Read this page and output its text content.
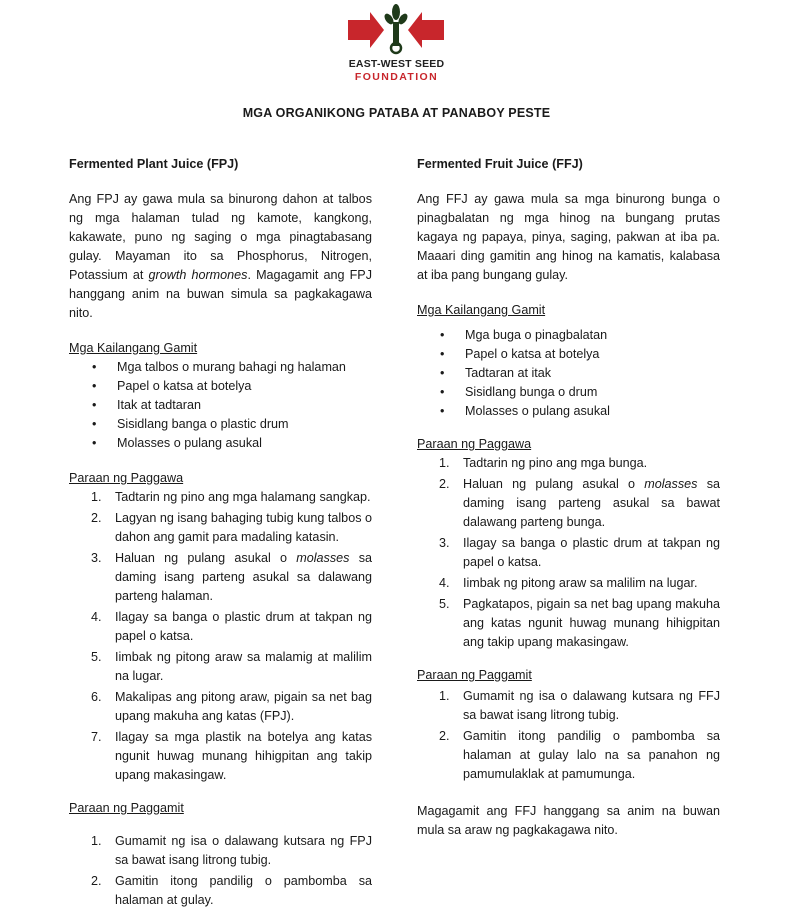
EAST-WEST SEED
FOUNDATION
MGA ORGANIKONG PATABA AT PANABOY PESTE
Fermented Plant Juice (FPJ)

Ang FPJ ay gawa mula sa binurong dahon at talbos ng mga halaman tulad ng kamote, kangkong, kakawate, puno ng saging o mga pinagtabasang gulay. Mayaman ito sa Phosphorus, Nitrogen, Potassium at growth hormones. Magagamit ang FPJ hanggang anim na buwan simula sa pagkakagawa nito.

Mga Kailangang Gamit

• Mga talbos o murang bahagi ng halaman
• Papel o katsa at botelya
• Itak at tadtaran
• Sisidlang banga o plastic drum
• Molasses o pulang asukal

Paraan ng Paggawa

1. Tadtarin ng pino ang mga halamang sangkap.
2. Lagyan ng isang bahaging tubig kung talbos o dahon ang gamit para madaling katasin.
3. Haluan ng pulang asukal o molasses sa daming isang parteng asukal sa dalawang parteng halaman.
4. Ilagay sa banga o plastic drum at takpan ng papel o katsa.
5. Iimbak ng pitong araw sa malamig at malilim na lugar.
6. Makalipas ang pitong araw, pigain sa net bag upang makuha ang katas (FPJ).
7. Ilagay sa mga plastik na botelya ang katas ngunit huwag munang hihigpitan ang takip upang makasingaw.

Paraan ng Paggamit

1. Gumamit ng isa o dalawang kutsara ng FPJ sa bawat isang litrong tubig.
2. Gamitin itong pandilig o pambomba sa halaman at gulay.
Fermented Fruit Juice (FFJ)

Ang FFJ ay gawa mula sa mga binurong bunga o pinagbalatan ng mga hinog na bungang prutas kagaya ng papaya, pinya, saging, pakwan at iba pa. Maaari ding gamitin ang hinog na kamatis, kalabasa at iba pang bungang gulay.

Mga Kailangang Gamit

• Mga buga o pinagbalatan
• Papel o katsa at botelya
• Tadtaran at itak
• Sisidlang bunga o drum
• Molasses o pulang asukal

Paraan ng Paggawa

1. Tadtarin ng pino ang mga bunga.
2. Haluan ng pulang asukal o molasses sa daming isang parteng asukal sa bawat dalawang parteng bunga.
3. Ilagay sa banga o plastic drum at takpan ng papel o katsa.
4. Iimbak ng pitong araw sa malilim na lugar.
5. Pagkatapos, pigain sa net bag upang makuha ang katas ngunit huwag munang hihigpitan ang takip upang makasingaw.

Paraan ng Paggamit

1. Gumamit ng isa o dalawang kutsara ng FFJ sa bawat isang litrong tubig.
2. Gamitin itong pandilig o pambomba sa halaman at gulay lalo na sa panahon ng pamumulaklak at pamumunga.

Magagamit ang FFJ hanggang sa anim na buwan mula sa araw ng pagkakagawa nito.
